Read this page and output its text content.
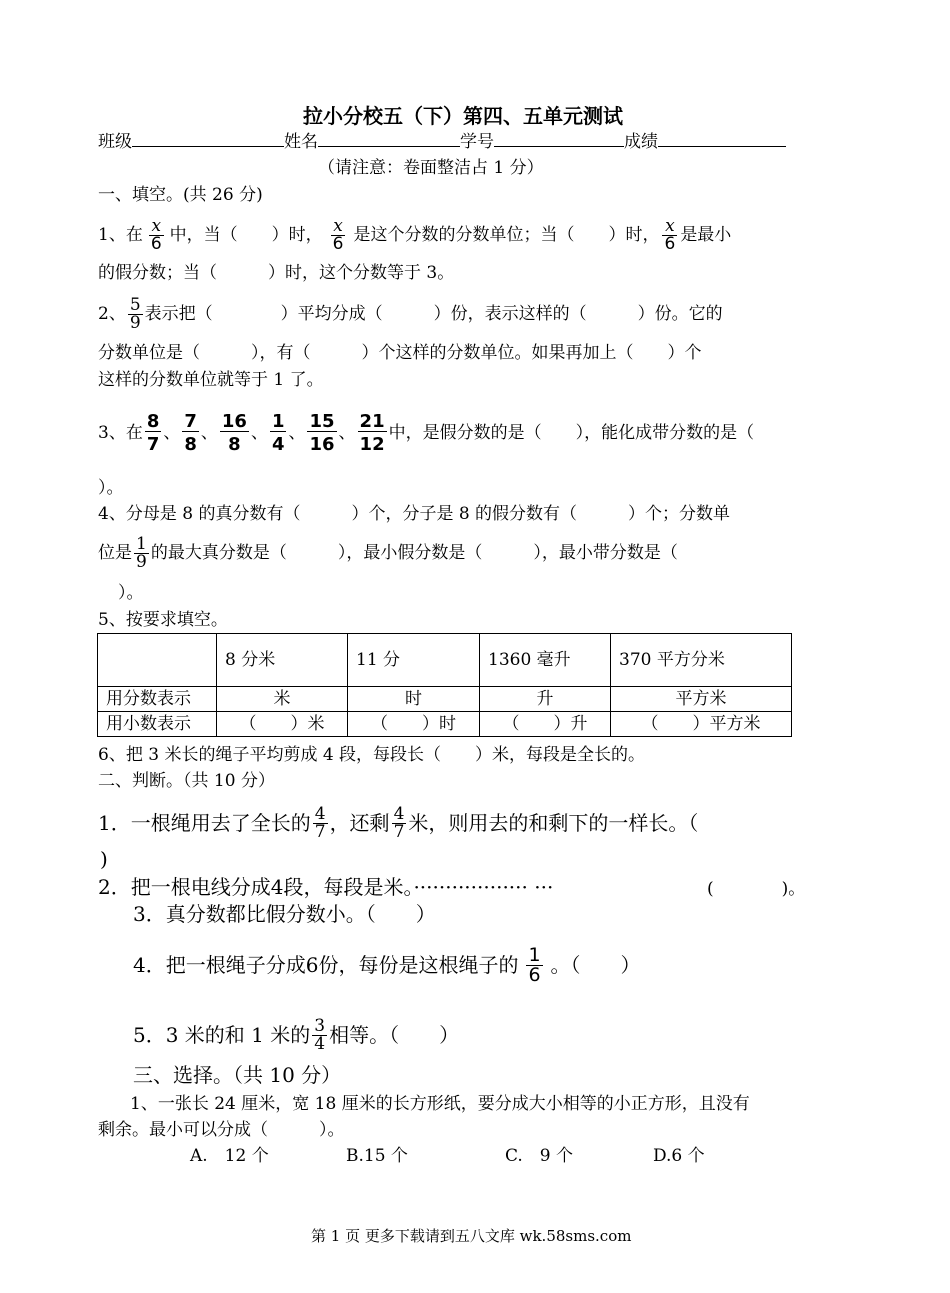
拉小分校五（下）第四、五单元测试
班级	姓名	学号	成绩
（请注意：卷面整洁占 1 分）
一、填空。(共 26 分)
1、在 $\frac{x}{6}$ 中，当（　　）时， $\frac{x}{6}$ 是这个分数的分数单位；当（　　）时， $\frac{x}{6}$ 是最小
的假分数；当（　　　）时，这个分数等于 3。
2、 $\frac{5}{9}$ 表示把（　　　　）平均分成（　　　）份，表示这样的（　　　）份。它的
分数单位是（　　　），有（　　　）个这样的分数单位。如果再加上（　　）个
这样的分数单位就等于 1 了。
3、在 $\frac{8}{7}$ 、 $\frac{7}{8}$ 、 $\frac{16}{8}$ 、 $\frac{1}{4}$ 、 $\frac{15}{16}$ 、 $\frac{21}{12}$ 中，是假分数的是（　　），能化成带分数的是（
）。
4、分母是 8 的真分数有（　　　）个，分子是 8 的假分数有（　　　）个；分数单
位是 $\frac{1}{9}$ 的最大真分数是（　　　），最小假分数是（　　　），最小带分数是（
）。
5、按要求填空。
	8 分米	11 分	1360 毫升	370 平方分米
用分数表示	米	时	升	平方米
用小数表示	（　　）米	（　　）时	（　　）升	（　　）平方米
6、把 3 米长的绳子平均剪成 4 段，每段长（　　）米，每段是全长的。
二、判断。（共 10 分）
1．一根绳用去了全长的 $\frac{4}{7}$ ，还剩 $\frac{4}{7}$ 米，则用去的和剩下的一样长。（
)
2．把一根电线分成4段，每段是米。·················· ···	(　　　　)。
3．真分数都比假分数小。（　　）
4．把一根绳子分成6份，每份是这根绳子的 $\frac{1}{6}$ 。（　　）
5．3 米的和 1 米的 $\frac{3}{4}$ 相等。（　　）
三、选择。（共 10 分）
1、一张长 24 厘米，宽 18 厘米的长方形纸，要分成大小相等的小正方形，且没有
剩余。最小可以分成（　　　）。
A.　12 个	B.15 个	C.　9 个	D.6 个
第 1 页 更多下载请到五八文库 wk.58sms.com
